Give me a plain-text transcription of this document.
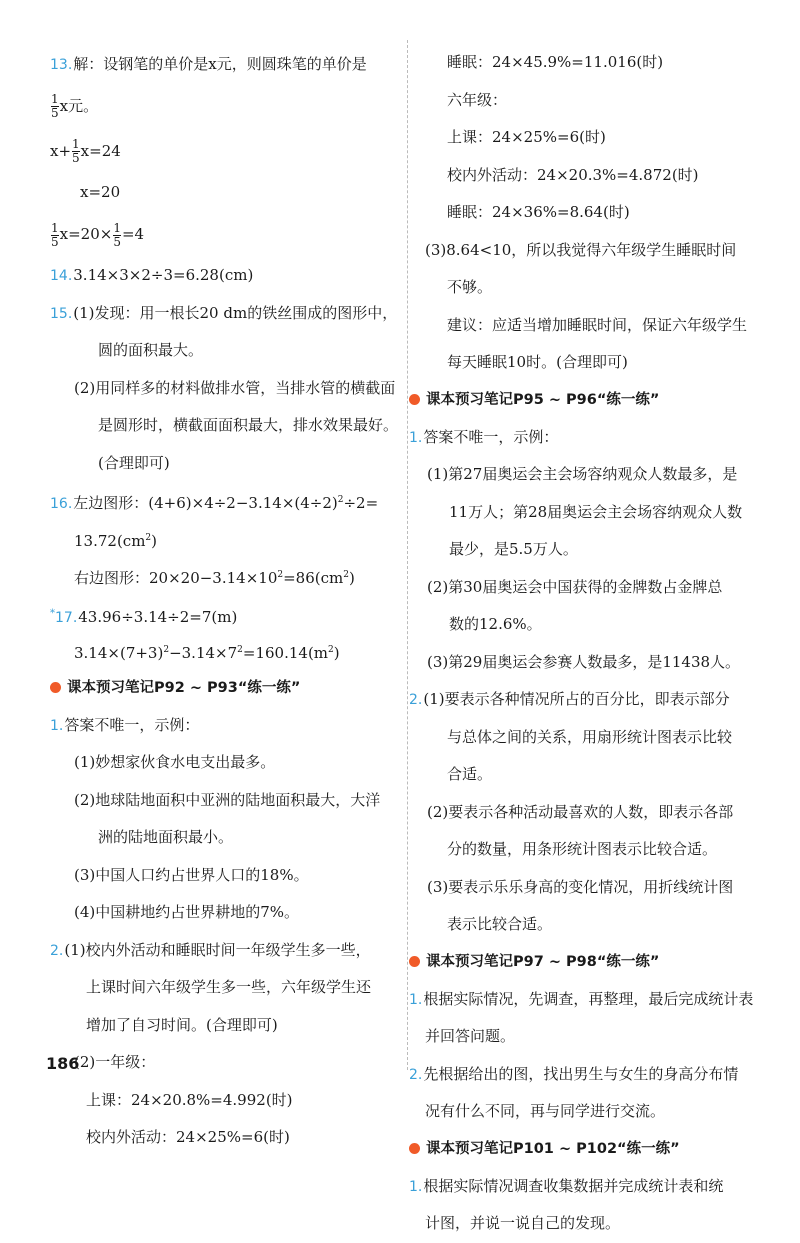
13.解：设钢笔的单价是x元，则圆珠笔的单价是
$\frac{1}{5}$ x元。
$x+ \frac{1}{5} x=24$
x=20
$\frac{1}{5} x=20\times \frac{1}{5} =4$
14.3.14×3×2÷3=6.28(cm)
15.(1)发现：用一根长20 dm的铁丝围成的图形中，
圆的面积最大。
(2)用同样多的材料做排水管，当排水管的横截面
是圆形时，横截面面积最大，排水效果最好。
(合理即可)
16.左边图形：$(4+6)\times 4\div 2-3.14\times(4\div 2)^2\div 2=$
$13.72(cm^2)$
右边图形：$20\times 20-3.14\times 10^2=86(cm^2)$
*17.43.96÷3.14÷2=7(m)
$3.14\times(7+3)^2-3.14\times 7^2=160.14(m^2)$
课本预习笔记P92 ~ P93“练一练”
1.答案不唯一，示例：
(1)妙想家伙食水电支出最多。
(2)地球陆地面积中亚洲的陆地面积最大，大洋
洲的陆地面积最小。
(3)中国人口约占世界人口的18%。
(4)中国耕地约占世界耕地的7%。
2.(1)校内外活动和睡眠时间一年级学生多一些，
上课时间六年级学生多一些，六年级学生还
增加了自习时间。(合理即可)
(2)一年级：
上课：24×20.8%=4.992(时)
校内外活动：24×25%=6(时)
睡眠：24×45.9%=11.016(时)
六年级：
上课：24×25%=6(时)
校内外活动：24×20.3%=4.872(时)
睡眠：24×36%=8.64(时)
(3)8.64<10，所以我觉得六年级学生睡眠时间
不够。
建议：应适当增加睡眠时间，保证六年级学生
每天睡眠10时。(合理即可)
课本预习笔记P95 ~ P96“练一练”
1.答案不唯一，示例：
(1)第27届奥运会主会场容纳观众人数最多，是
11万人；第28届奥运会主会场容纳观众人数
最少，是5.5万人。
(2)第30届奥运会中国获得的金牌数占金牌总
数的12.6%。
(3)第29届奥运会参赛人数最多，是11438人。
2.(1)要表示各种情况所占的百分比，即表示部分
与总体之间的关系，用扇形统计图表示比较
合适。
(2)要表示各种活动最喜欢的人数，即表示各部
分的数量，用条形统计图表示比较合适。
(3)要表示乐乐身高的变化情况，用折线统计图
表示比较合适。
课本预习笔记P97 ~ P98“练一练”
1.根据实际情况，先调查，再整理，最后完成统计表
并回答问题。
2.先根据给出的图，找出男生与女生的身高分布情
况有什么不同，再与同学进行交流。
课本预习笔记P101 ~ P102“练一练”
1.根据实际情况调查收集数据并完成统计表和统
计图，并说一说自己的发现。
186
